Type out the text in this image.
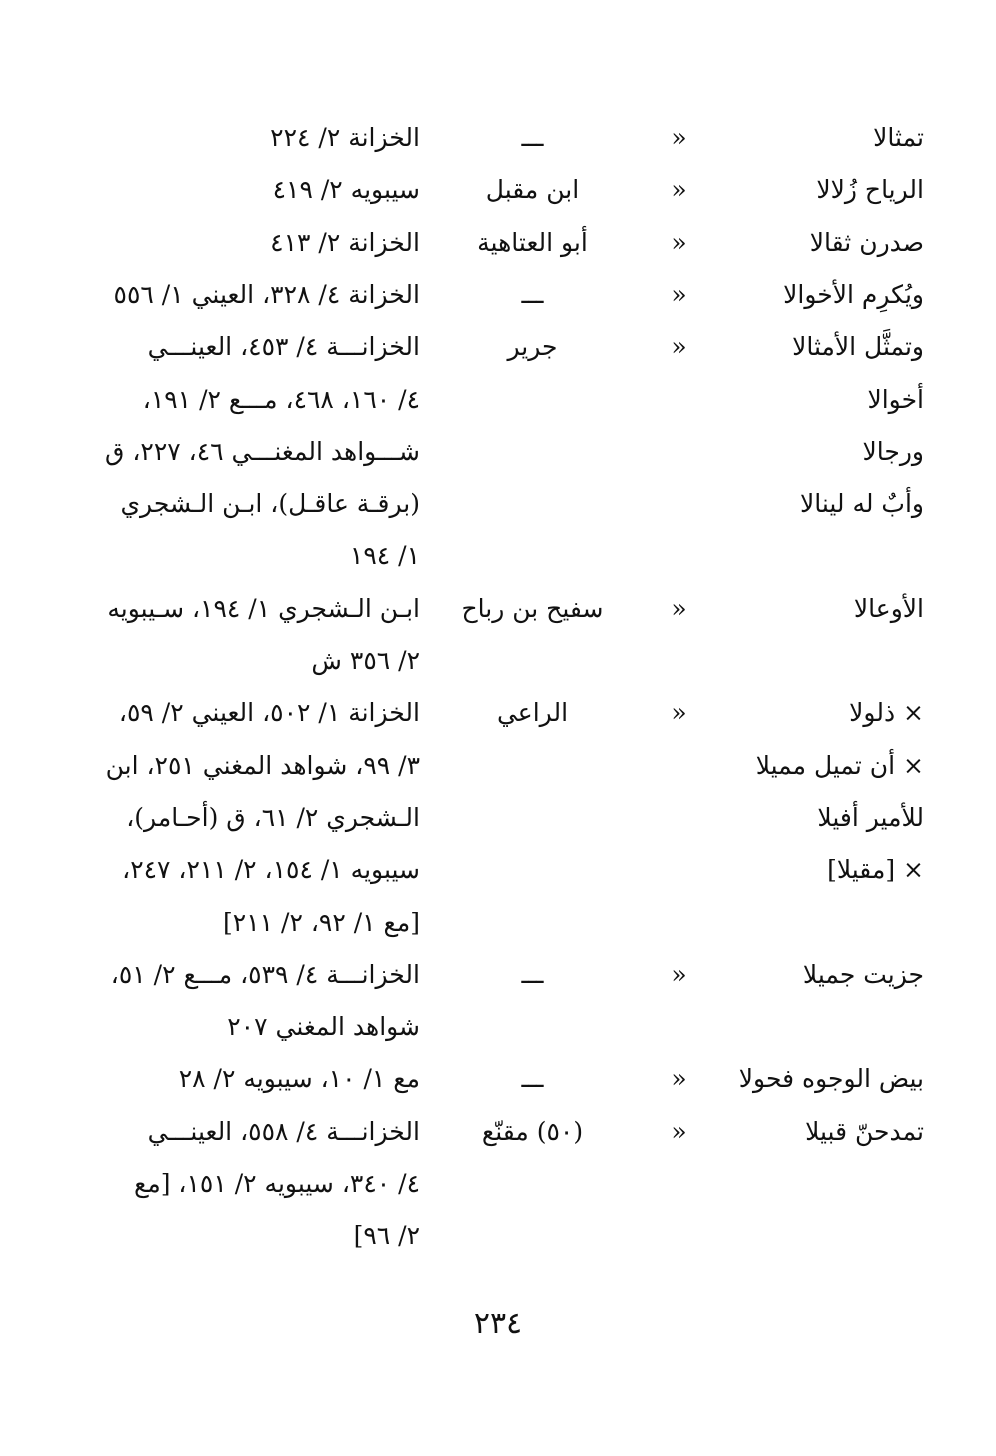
تمثالا
»
ـــ
الخزانة ٢/ ٢٢٤
الرياح زُلالا
»
ابن مقبل
سيبويه ٢/ ٤١٩
صدرن ثقالا
»
أبو العتاهية
الخزانة ٢/ ٤١٣
ويُكرِم الأخوالا
»
ـــ
الخزانة ٤/ ٣٢٨، العيني ١/ ٥٥٦
وتمثَّل الأمثالا
»
جرير
الخزانـــة ٤/ ٤٥٣، العينـــي
أخوالا
٤/ ١٦٠، ٤٦٨، مـــع ٢/ ١٩١،
ورجالا
شـــواهد المغنـــي ٤٦، ٢٢٧، ق
وأبٌ له لينالا
(برقـة عاقـل)، ابـن الـشجري
١/ ١٩٤
الأوعالا
»
سفيح بن رباح
ابـن الـشجري ١/ ١٩٤، سـيبويه
٢/ ٣٥٦ ش
× ذلولا
»
الراعي
الخزانة ١/ ٥٠٢، العيني ٢/ ٥٩،
× أن تميل مميلا
٣/ ٩٩، شواهد المغني ٢٥١، ابن
للأمير أفيلا
الـشجري ٢/ ٦١، ق (أحـامر)،
× [مقيلا]
سيبويه ١/ ١٥٤، ٢/ ٢١١، ٢٤٧،
[مع ١/ ٩٢، ٢/ ٢١١]
جزيت جميلا
»
ـــ
الخزانـــة ٤/ ٥٣٩، مـــع ٢/ ٥١،
شواهد المغني ٢٠٧
بيض الوجوه فحولا
»
ـــ
مع ١/ ١٠، سيبويه ٢/ ٢٨
تمدحنّ قبيلا
»
(٥٠) مقنّع
الخزانـــة ٤/ ٥٥٨، العينـــي
٤/ ٣٤٠، سيبويه ٢/ ١٥١، [مع
٢/ ٩٦]
٢٣٤
